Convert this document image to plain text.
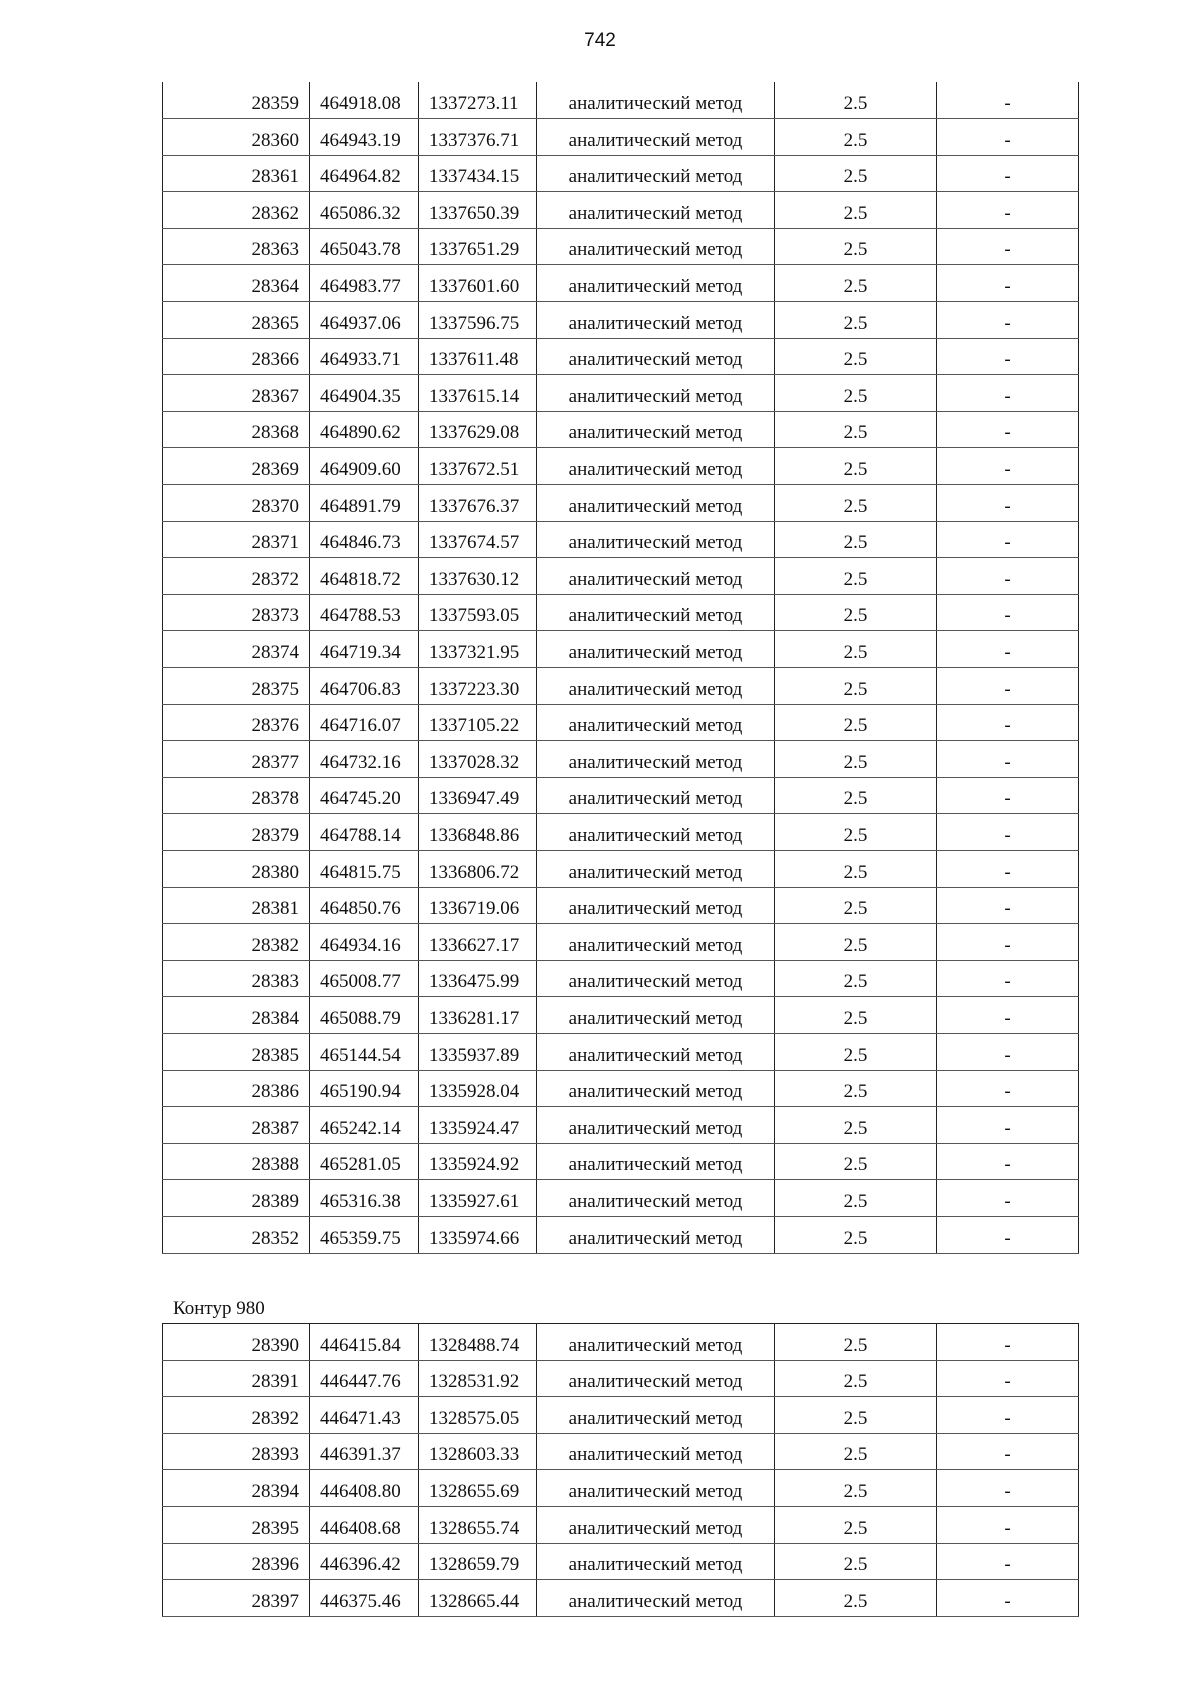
742
28359	464918.08	1337273.11	аналитический метод	2.5	-
28360	464943.19	1337376.71	аналитический метод	2.5	-
28361	464964.82	1337434.15	аналитический метод	2.5	-
28362	465086.32	1337650.39	аналитический метод	2.5	-
28363	465043.78	1337651.29	аналитический метод	2.5	-
28364	464983.77	1337601.60	аналитический метод	2.5	-
28365	464937.06	1337596.75	аналитический метод	2.5	-
28366	464933.71	1337611.48	аналитический метод	2.5	-
28367	464904.35	1337615.14	аналитический метод	2.5	-
28368	464890.62	1337629.08	аналитический метод	2.5	-
28369	464909.60	1337672.51	аналитический метод	2.5	-
28370	464891.79	1337676.37	аналитический метод	2.5	-
28371	464846.73	1337674.57	аналитический метод	2.5	-
28372	464818.72	1337630.12	аналитический метод	2.5	-
28373	464788.53	1337593.05	аналитический метод	2.5	-
28374	464719.34	1337321.95	аналитический метод	2.5	-
28375	464706.83	1337223.30	аналитический метод	2.5	-
28376	464716.07	1337105.22	аналитический метод	2.5	-
28377	464732.16	1337028.32	аналитический метод	2.5	-
28378	464745.20	1336947.49	аналитический метод	2.5	-
28379	464788.14	1336848.86	аналитический метод	2.5	-
28380	464815.75	1336806.72	аналитический метод	2.5	-
28381	464850.76	1336719.06	аналитический метод	2.5	-
28382	464934.16	1336627.17	аналитический метод	2.5	-
28383	465008.77	1336475.99	аналитический метод	2.5	-
28384	465088.79	1336281.17	аналитический метод	2.5	-
28385	465144.54	1335937.89	аналитический метод	2.5	-
28386	465190.94	1335928.04	аналитический метод	2.5	-
28387	465242.14	1335924.47	аналитический метод	2.5	-
28388	465281.05	1335924.92	аналитический метод	2.5	-
28389	465316.38	1335927.61	аналитический метод	2.5	-
28352	465359.75	1335974.66	аналитический метод	2.5	-
Контур 980
28390	446415.84	1328488.74	аналитический метод	2.5	-
28391	446447.76	1328531.92	аналитический метод	2.5	-
28392	446471.43	1328575.05	аналитический метод	2.5	-
28393	446391.37	1328603.33	аналитический метод	2.5	-
28394	446408.80	1328655.69	аналитический метод	2.5	-
28395	446408.68	1328655.74	аналитический метод	2.5	-
28396	446396.42	1328659.79	аналитический метод	2.5	-
28397	446375.46	1328665.44	аналитический метод	2.5	-
